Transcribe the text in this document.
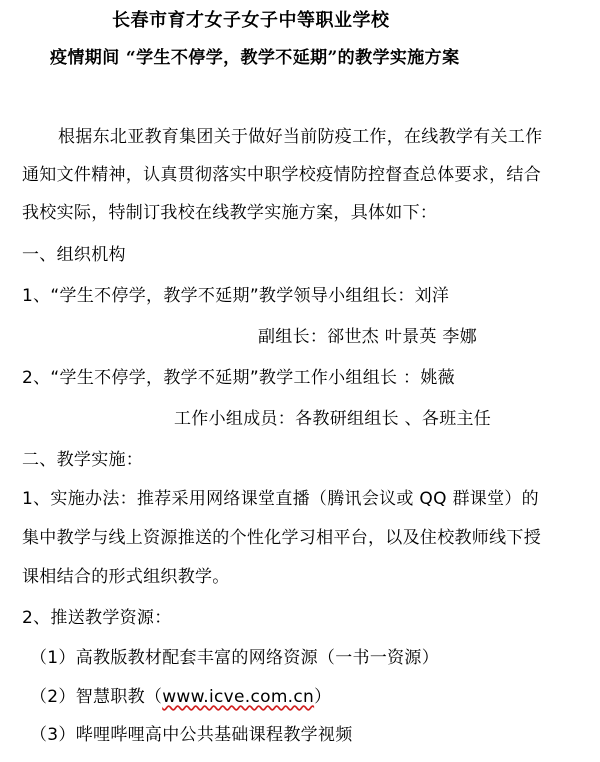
长春市育才女子女子中等职业学校
疫情期间 “学生不停学，教学不延期”的教学实施方案
根据东北亚教育集团关于做好当前防疫工作，在线教学有关工作
通知文件精神，认真贯彻落实中职学校疫情防控督查总体要求，结合
我校实际，特制订我校在线教学实施方案，具体如下：
一、组织机构
1、“学生不停学，教学不延期”教学领导小组组长：刘洋
副组长：郤世杰 叶景英 李娜
2、“学生不停学，教学不延期”教学工作小组组长 ：姚薇
工作小组成员：各教研组组长 、各班主任
二、教学实施：
1、实施办法：推荐采用网络课堂直播（腾讯会议或 QQ 群课堂）的
集中教学与线上资源推送的个性化学习相平台，以及住校教师线下授
课相结合的形式组织教学。
2、推送教学资源：
（1）高教版教材配套丰富的网络资源（一书一资源）
（2）智慧职教（www.icve.com.cn）
（3）哔哩哔哩高中公共基础课程教学视频
